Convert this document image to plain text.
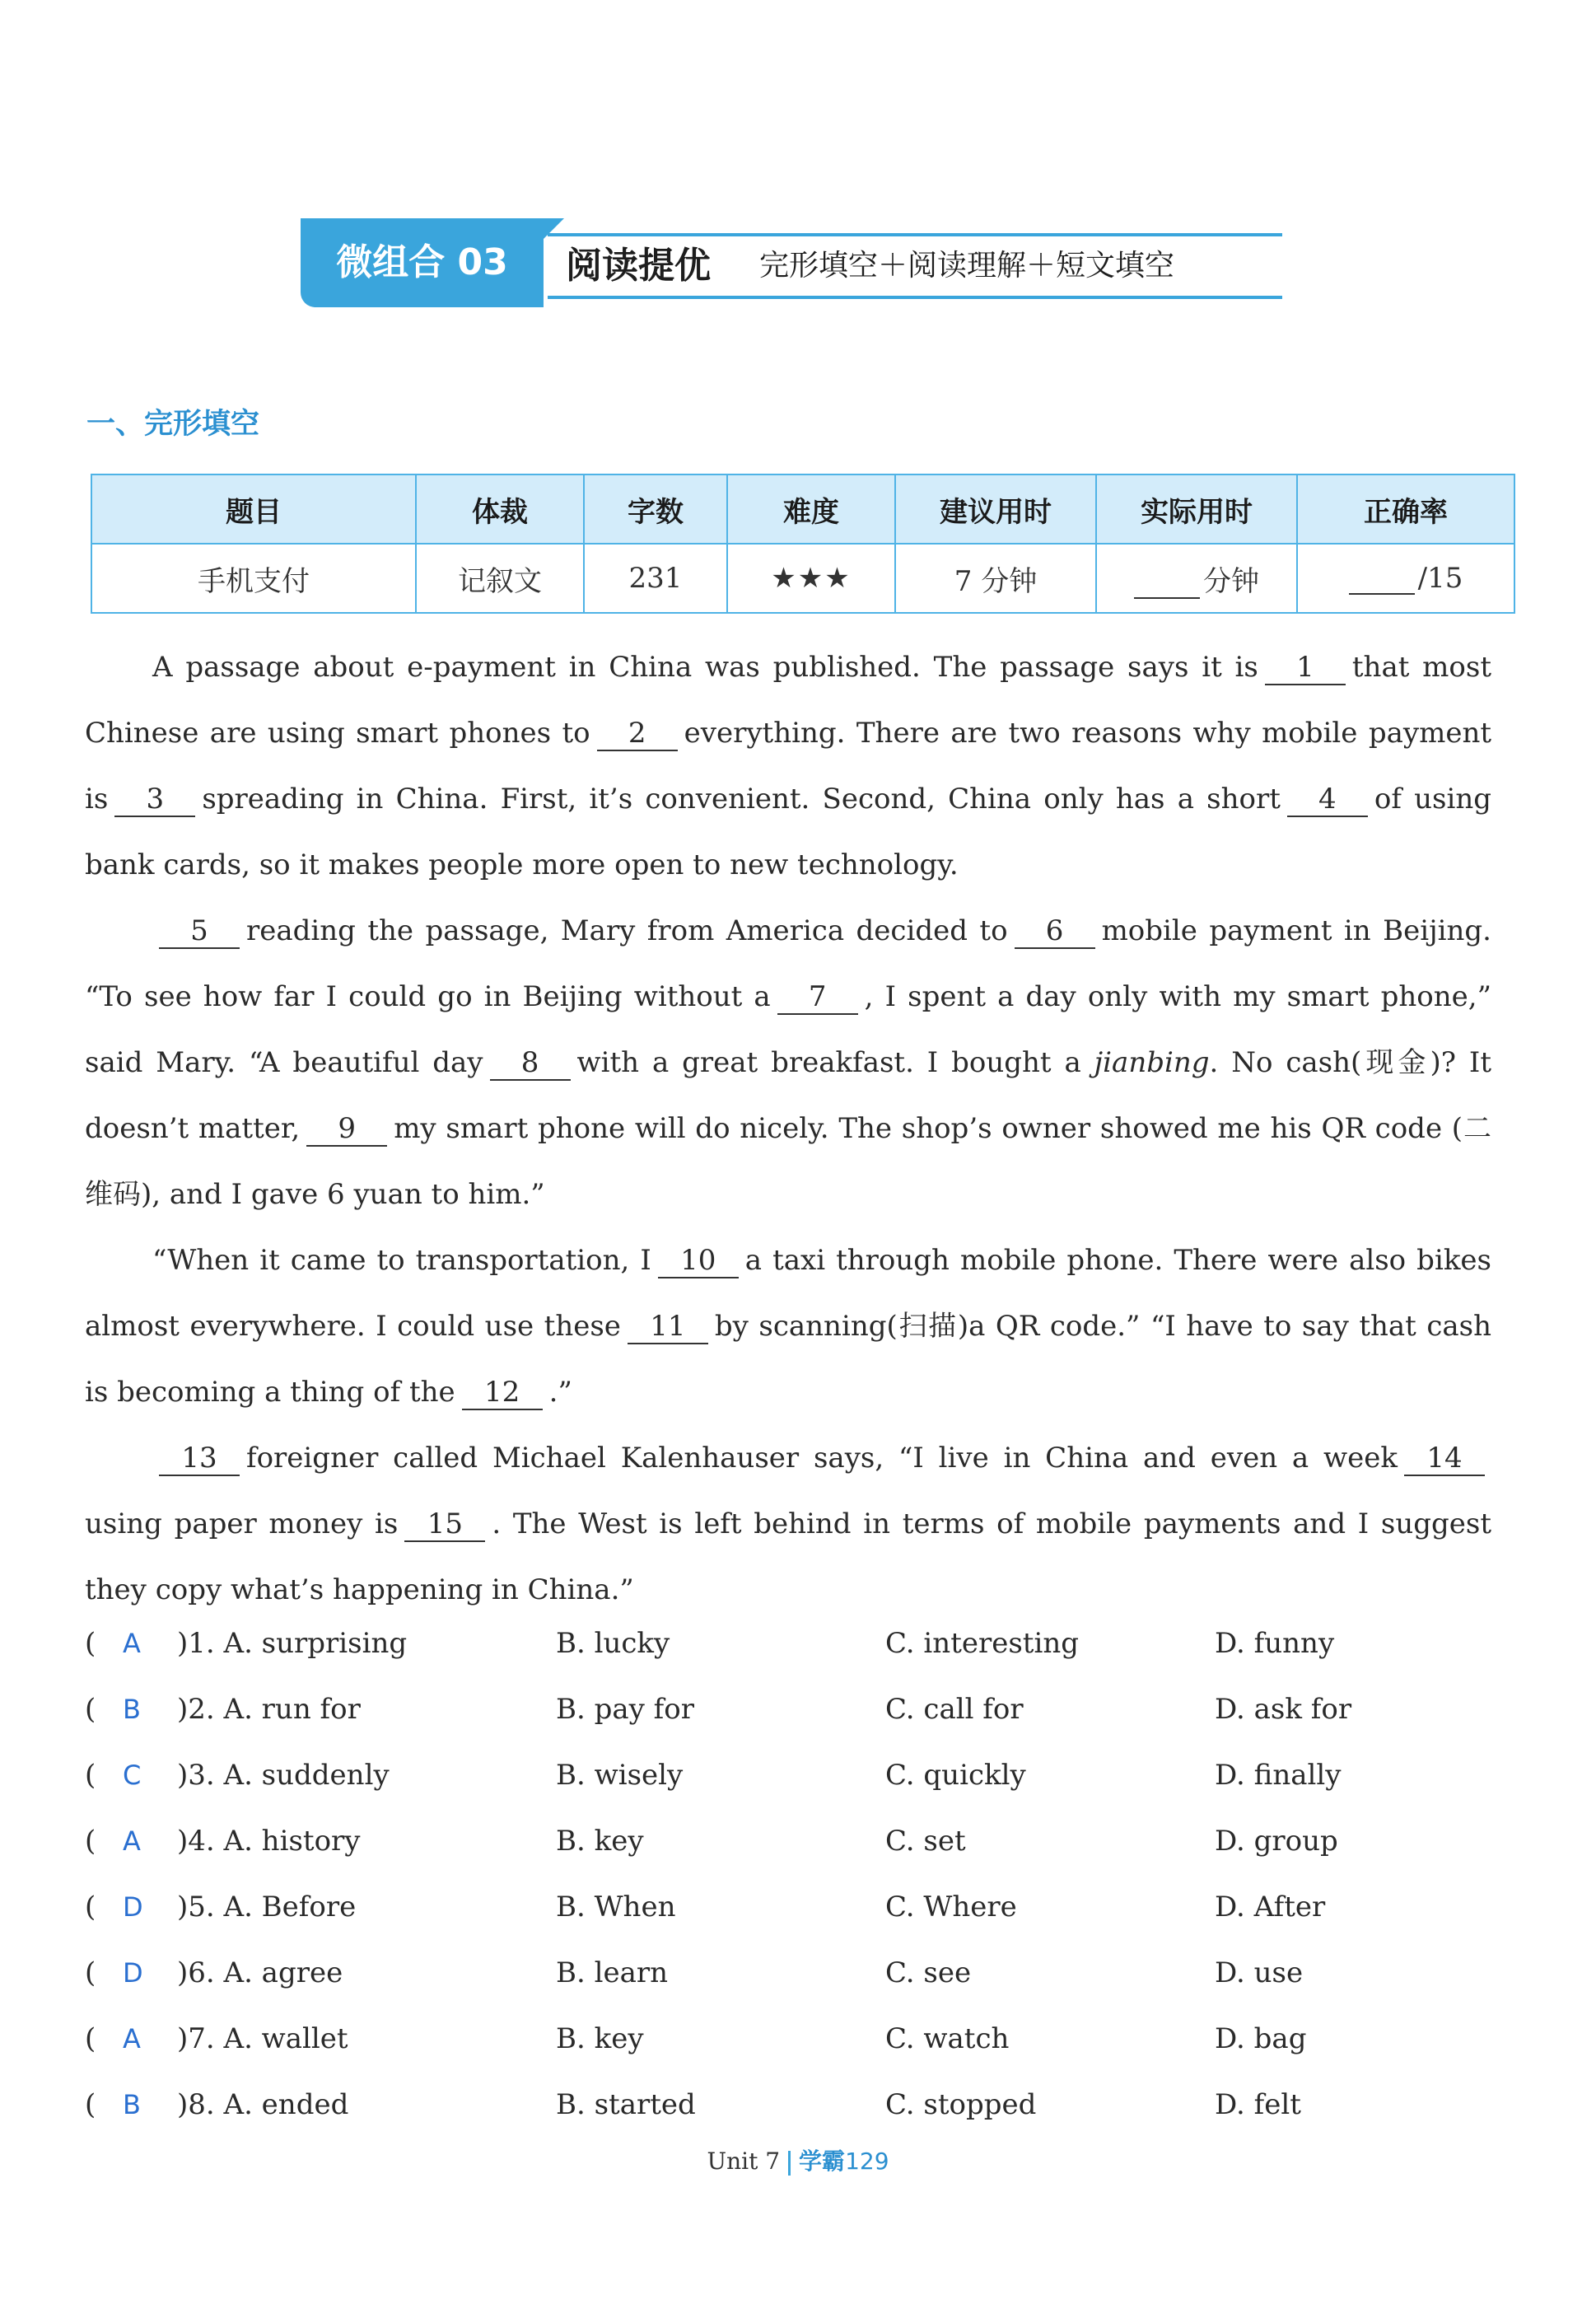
微组合 03	阅读提优 完形填空＋阅读理解＋短文填空
一、完形填空
题目	体裁	字数	难度	建议用时	实际用时	正确率
手机支付	记叙文	231	★★★	7 分钟	分钟	/15

A passage about e-payment in China was published. The passage says it is 1 that most Chinese are using smart phones to 2 everything. There are two reasons why mobile payment is 3 spreading in China. First, it’s convenient. Second, China only has a short 4 of using bank cards, so it makes people more open to new technology.

5 reading the passage, Mary from America decided to 6 mobile payment in Beijing. “To see how far I could go in Beijing without a 7 , I spent a day only with my smart phone,” said Mary. “A beautiful day 8 with a great breakfast. I bought a jianbing. No cash(现金)? It doesn’t matter, 9 my smart phone will do nicely. The shop’s owner showed me his QR code (二维码), and I gave 6 yuan to him.”

“When it came to transportation, I 10 a taxi through mobile phone. There were also bikes almost everywhere. I could use these 11 by scanning(扫描)a QR code.” “I have to say that cash is becoming a thing of the 12 .”

13 foreigner called Michael Kalenhauser says, “I live in China and even a week 14using paper money is 15 . The West is left behind in terms of mobile payments and I suggest they copy what’s happening in China.”

( A )1. A. surprising	B. lucky	C. interesting	D. funny
( B )2. A. run for	B. pay for	C. call for	D. ask for
( C )3. A. suddenly	B. wisely	C. quickly	D. finally
( A )4. A. history	B. key	C. set	D. group
( D )5. A. Before	B. When	C. Where	D. After
( D )6. A. agree	B. learn	C. see	D. use
( A )7. A. wallet	B. key	C. watch	D. bag
( B )8. A. ended	B. started	C. stopped	D. felt
Unit 7 学霸129
